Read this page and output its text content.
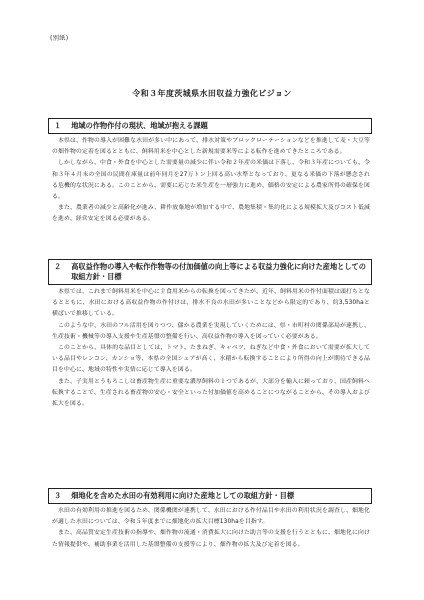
(別紙)
令和３年度茨城県水田収益力強化ビジョン
１ 地域の作物作付の現状、地域が抱える課題

本県は、作物の導入が困難な水田が多い中にあって、排水対策やブロックローテーションなどを推進して麦・大豆等の畑作物の定着を図るとともに、飼料用米を中心とした新規需要米等による転作を進めてきたところである。

しかしながら、中食・外食を中心とした需要量の減少に伴い令和２年産の米価は下落し、令和３年産についても、令和３年４月末の全国の民間在庫量は前年同月を27万トン上回る高い水準となっており、更なる米価の下落が懸念される危機的な状況にある。このことから、需要に応じた米生産を一層強力に進め、価格の安定による農家所得の確保を図る。

また、農業者の減少と高齢化が進み、耕作放棄地が増加する中で、農地集積・集約化による規模拡大及びコスト低減を進め、経営安定を図る必要がある。

２ 高収益作物の導入や転作作物等の付加価値の向上等による収益力強化に向けた産地としての取組方針・目標

本県では、これまで飼料用米を中心に主食用米からの転換を図ってきたが、近年、飼料用米の作付面積は頭打ちとなるとともに、水田における高収益作物の作付けは、排水不良の水田が多いことなどから限定的であり、約3,530haと横ばいで推移している。

このような中、水田のフル活用を図りつつ、儲かる農業を実現していくためには、県・市町村の関係部局が連携し、生産技術・機械等の導入支援や生産基盤の整備を行い、高収益作物の導入を図っていく必要がある。

このことから、具体的な品目としては、トマト、たまねぎ、キャベツ、ねぎなど中食・外食において需要が拡大している品目やレンコン、カンショ等、本県の全国シェアが高く、水稲から転換することにより所得の向上が期待できる品目を中心に、地域の特性や実情に応じて導入を図る。

また、子実用とうもろこしは畜産物生産に重要な濃厚飼料の１つであるが、大部分を輸入に頼っており、国産飼料へ転換することで、生産される畜産物の安心・安全といった付加価値を高めることにつながることから、その導入および拡大を図る。

３ 畑地化を含めた水田の有効利用に向けた産地としての取組方針・目標

水田の有効利用の推進を図るため、関係機関が連携して、水田における作付品目や水田の利用状況を調査し、畑地化が適した水田については、令和５年度までに畑地化の拡大目標130haを目指す。

また、高品質安定生産技術の指導や、畑作物の流通・消費拡大に向けた助言等の支援を行うとともに、畑地化に向けた情報提供や、補助事業を活用した基盤整備の支援等により、畑作物の拡大及び定着を図る。
